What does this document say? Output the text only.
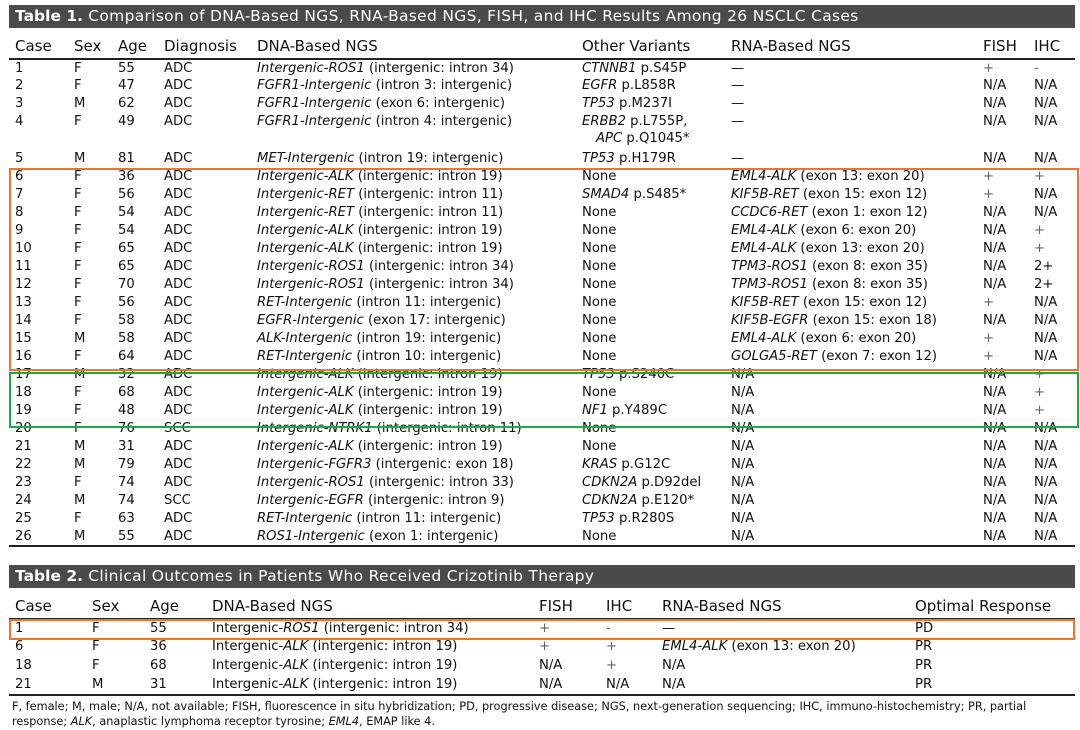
Table 1. Comparison of DNA-Based NGS, RNA-Based NGS, FISH, and IHC Results Among 26 NSCLC Cases
Case	Sex	Age	Diagnosis	DNA-Based NGS	Other Variants	RNA-Based NGS	FISH	IHC
1	F	55	ADC	Intergenic-ROS1 (intergenic: intron 34)	CTNNB1 p.S45P	—	+	-
2	F	47	ADC	FGFR1-Intergenic (intron 3: intergenic)	EGFR p.L858R	—	N/A	N/A
3	M	62	ADC	FGFR1-Intergenic (exon 6: intergenic)	TP53 p.M237I	—	N/A	N/A
4	F	49	ADC	FGFR1-Intergenic (intron 4: intergenic)	ERBB2 p.L755P,
APC p.Q1045*	—	N/A	N/A
5	M	81	ADC	MET-Intergenic (intron 19: intergenic)	TP53 p.H179R	—	N/A	N/A
6	F	36	ADC	Intergenic-ALK (intergenic: intron 19)	None	EML4-ALK (exon 13: exon 20)	+	+
7	F	56	ADC	Intergenic-RET (intergenic: intron 11)	SMAD4 p.S485*	KIF5B-RET (exon 15: exon 12)	+	N/A
8	F	54	ADC	Intergenic-RET (intergenic: intron 11)	None	CCDC6-RET (exon 1: exon 12)	N/A	N/A
9	F	54	ADC	Intergenic-ALK (intergenic: intron 19)	None	EML4-ALK (exon 6: exon 20)	N/A	+
10	F	65	ADC	Intergenic-ALK (intergenic: intron 19)	None	EML4-ALK (exon 13: exon 20)	N/A	+
11	F	65	ADC	Intergenic-ROS1 (intergenic: intron 34)	None	TPM3-ROS1 (exon 8: exon 35)	N/A	2+
12	F	70	ADC	Intergenic-ROS1 (intergenic: intron 34)	None	TPM3-ROS1 (exon 8: exon 35)	N/A	2+
13	F	56	ADC	RET-Intergenic (intron 11: intergenic)	None	KIF5B-RET (exon 15: exon 12)	+	N/A
14	F	58	ADC	EGFR-Intergenic (exon 17: intergenic)	None	KIF5B-EGFR (exon 15: exon 18)	N/A	N/A
15	M	58	ADC	ALK-Intergenic (intron 19: intergenic)	None	EML4-ALK (exon 6: exon 20)	+	N/A
16	F	64	ADC	RET-Intergenic (intron 10: intergenic)	None	GOLGA5-RET (exon 7: exon 12)	+	N/A
17	M	32	ADC	Intergenic-ALK (intergenic: intron 19)	TP53 p.S240C	N/A	N/A	+
18	F	68	ADC	Intergenic-ALK (intergenic: intron 19)	None	N/A	N/A	+
19	F	48	ADC	Intergenic-ALK (intergenic: intron 19)	NF1 p.Y489C	N/A	N/A	+
20	F	76	SCC	Intergenic-NTRK1 (intergenic: intron 11)	None	N/A	N/A	N/A
21	M	31	ADC	Intergenic-ALK (intergenic: intron 19)	None	N/A	N/A	N/A
22	M	79	ADC	Intergenic-FGFR3 (intergenic: exon 18)	KRAS p.G12C	N/A	N/A	N/A
23	F	74	ADC	Intergenic-ROS1 (intergenic: intron 33)	CDKN2A p.D92del	N/A	N/A	N/A
24	M	74	SCC	Intergenic-EGFR (intergenic: intron 9)	CDKN2A p.E120*	N/A	N/A	N/A
25	F	63	ADC	RET-Intergenic (intron 11: intergenic)	TP53 p.R280S	N/A	N/A	N/A
26	M	55	ADC	ROS1-Intergenic (exon 1: intergenic)	None	N/A	N/A	N/A
Table 2. Clinical Outcomes in Patients Who Received Crizotinib Therapy
Case	Sex	Age	DNA-Based NGS	FISH	IHC	RNA-Based NGS	Optimal Response
1	F	55	Intergenic-ROS1 (intergenic: intron 34)	+	-	—	PD
6	F	36	Intergenic-ALK (intergenic: intron 19)	+	+	EML4-ALK (exon 13: exon 20)	PR
18	F	68	Intergenic-ALK (intergenic: intron 19)	N/A	+	N/A	PR
21	M	31	Intergenic-ALK (intergenic: intron 19)	N/A	N/A	N/A	PR
F, female; M, male; N/A, not available; FISH, fluorescence in situ hybridization; PD, progressive disease; NGS, next-generation sequencing; IHC, immuno-histochemistry; PR, partial response; ALK, anaplastic lymphoma receptor tyrosine; EML4, EMAP like 4.
